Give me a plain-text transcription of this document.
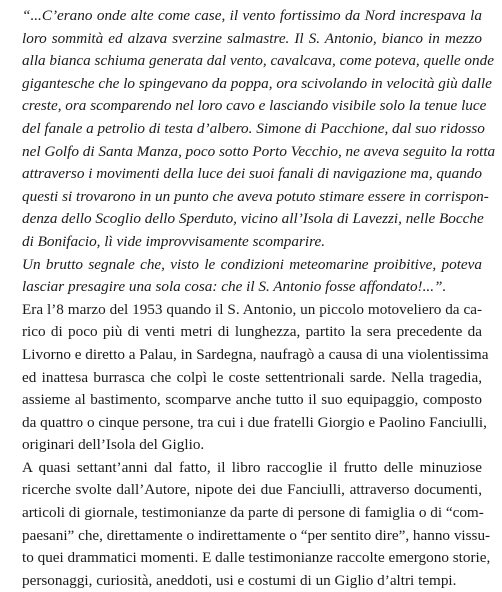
“...C’erano onde alte come case, il vento fortissimo da Nord increspava la
loro sommità ed alzava sverzine salmastre. Il S. Antonio, bianco in mezzo
alla bianca schiuma generata dal vento, cavalcava, come poteva, quelle onde
gigantesche che lo spingevano da poppa, ora scivolando in velocità giù dalle
creste, ora scomparendo nel loro cavo e lasciando visibile solo la tenue luce
del fanale a petrolio di testa d’albero. Simone di Pacchione, dal suo ridosso
nel Golfo di Santa Manza, poco sotto Porto Vecchio, ne aveva seguito la rotta
attraverso i movimenti della luce dei suoi fanali di navigazione ma, quando
questi si trovarono in un punto che aveva potuto stimare essere in corrispon-
denza dello Scoglio dello Sperduto, vicino all’Isola di Lavezzi, nelle Bocche
di Bonifacio, lì vide improvvisamente scomparire.
Un brutto segnale che, visto le condizioni meteomarine proibitive, poteva
lasciar presagire una sola cosa: che il S. Antonio fosse affondato!...”.
Era l’8 marzo del 1953 quando il S. Antonio, un piccolo motoveliero da ca-
rico di poco più di venti metri di lunghezza, partito la sera precedente da
Livorno e diretto a Palau, in Sardegna, naufragò a causa di una violentissima
ed inattesa burrasca che colpì le coste settentrionali sarde. Nella tragedia,
assieme al bastimento, scomparve anche tutto il suo equipaggio, composto
da quattro o cinque persone, tra cui i due fratelli Giorgio e Paolino Fanciulli,
originari dell’Isola del Giglio.
A quasi settant’anni dal fatto, il libro raccoglie il frutto delle minuziose
ricerche svolte dall’Autore, nipote dei due Fanciulli, attraverso documenti,
articoli di giornale, testimonianze da parte di persone di famiglia o di “com-
paesani” che, direttamente o indirettamente o “per sentito dire”, hanno vissu-
to quei drammatici momenti. E dalle testimonianze raccolte emergono storie,
personaggi, curiosità, aneddoti, usi e costumi di un Giglio d’altri tempi.
